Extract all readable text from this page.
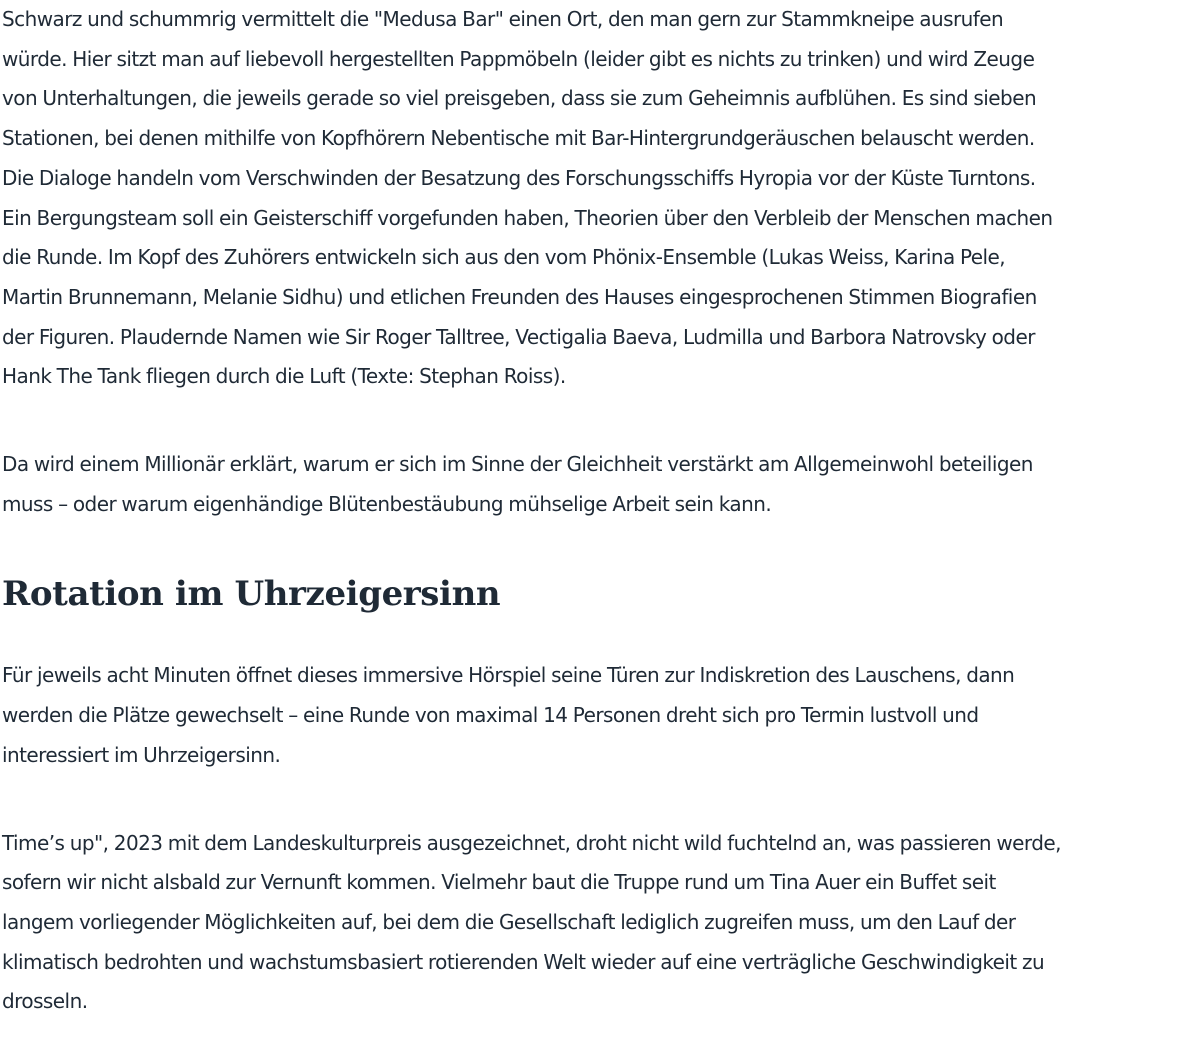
Schwarz und schummrig vermittelt die "Medusa Bar" einen Ort, den man gern zur Stammkneipe ausrufen
würde. Hier sitzt man auf liebevoll hergestellten Pappmöbeln (leider gibt es nichts zu trinken) und wird Zeuge
von Unterhaltungen, die jeweils gerade so viel preisgeben, dass sie zum Geheimnis aufblühen. Es sind sieben
Stationen, bei denen mithilfe von Kopfhörern Nebentische mit Bar-Hintergrundgeräuschen belauscht werden.
Die Dialoge handeln vom Verschwinden der Besatzung des Forschungsschiffs Hyropia vor der Küste Turntons.
Ein Bergungsteam soll ein Geisterschiff vorgefunden haben, Theorien über den Verbleib der Menschen machen
die Runde. Im Kopf des Zuhörers entwickeln sich aus den vom Phönix-Ensemble (Lukas Weiss, Karina Pele,
Martin Brunnemann, Melanie Sidhu) und etlichen Freunden des Hauses eingesprochenen Stimmen Biografien
der Figuren. Plaudernde Namen wie Sir Roger Talltree, Vectigalia Baeva, Ludmilla und Barbora Natrovsky oder
Hank The Tank fliegen durch die Luft (Texte: Stephan Roiss).

Da wird einem Millionär erklärt, warum er sich im Sinne der Gleichheit verstärkt am Allgemeinwohl beteiligen
muss – oder warum eigenhändige Blütenbestäubung mühselige Arbeit sein kann.

Rotation im Uhrzeigersinn

Für jeweils acht Minuten öffnet dieses immersive Hörspiel seine Türen zur Indiskretion des Lauschens, dann
werden die Plätze gewechselt – eine Runde von maximal 14 Personen dreht sich pro Termin lustvoll und
interessiert im Uhrzeigersinn.

Time’s up", 2023 mit dem Landeskulturpreis ausgezeichnet, droht nicht wild fuchtelnd an, was passieren werde,
sofern wir nicht alsbald zur Vernunft kommen. Vielmehr baut die Truppe rund um Tina Auer ein Buffet seit
langem vorliegender Möglichkeiten auf, bei dem die Gesellschaft lediglich zugreifen muss, um den Lauf der
klimatisch bedrohten und wachstumsbasiert rotierenden Welt wieder auf eine verträgliche Geschwindigkeit zu
drosseln.
